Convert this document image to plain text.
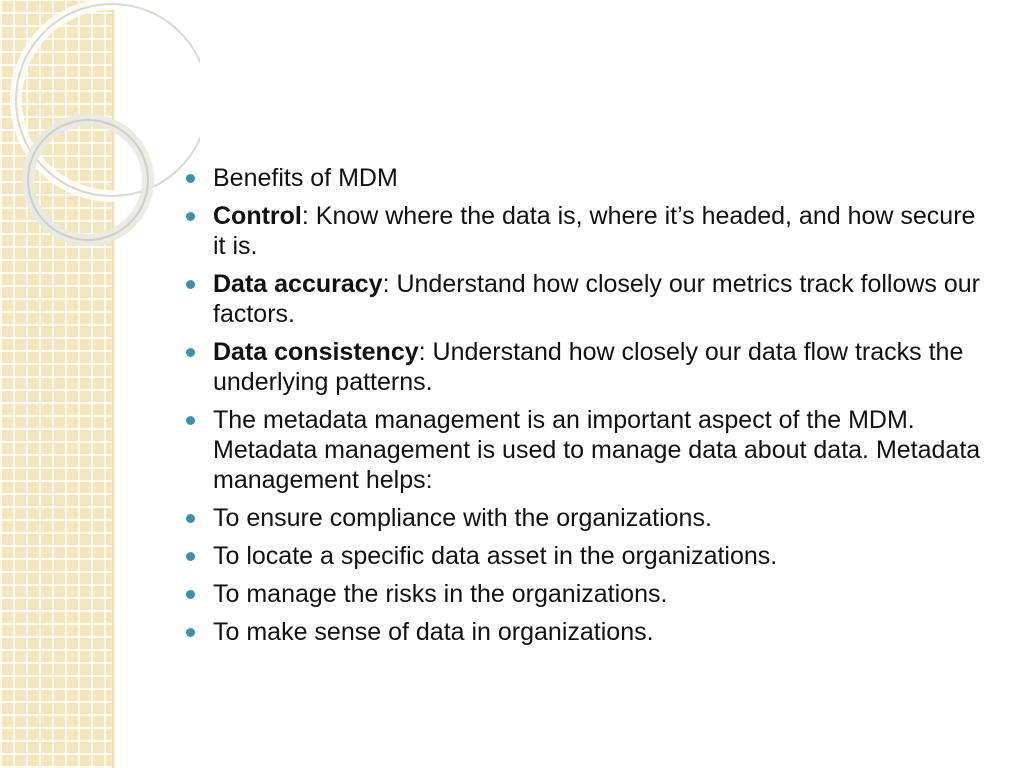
Benefits of MDM
Control: Know where the data is, where it’s headed, and how secure it is.
Data accuracy: Understand how closely our metrics track follows our factors.
Data consistency: Understand how closely our data flow tracks the underlying patterns.
The metadata management is an important aspect of the MDM. Metadata management is used to manage data about data. Metadata management helps:
To ensure compliance with the organizations.
To locate a specific data asset in the organizations.
To manage the risks in the organizations.
To make sense of data in organizations.
